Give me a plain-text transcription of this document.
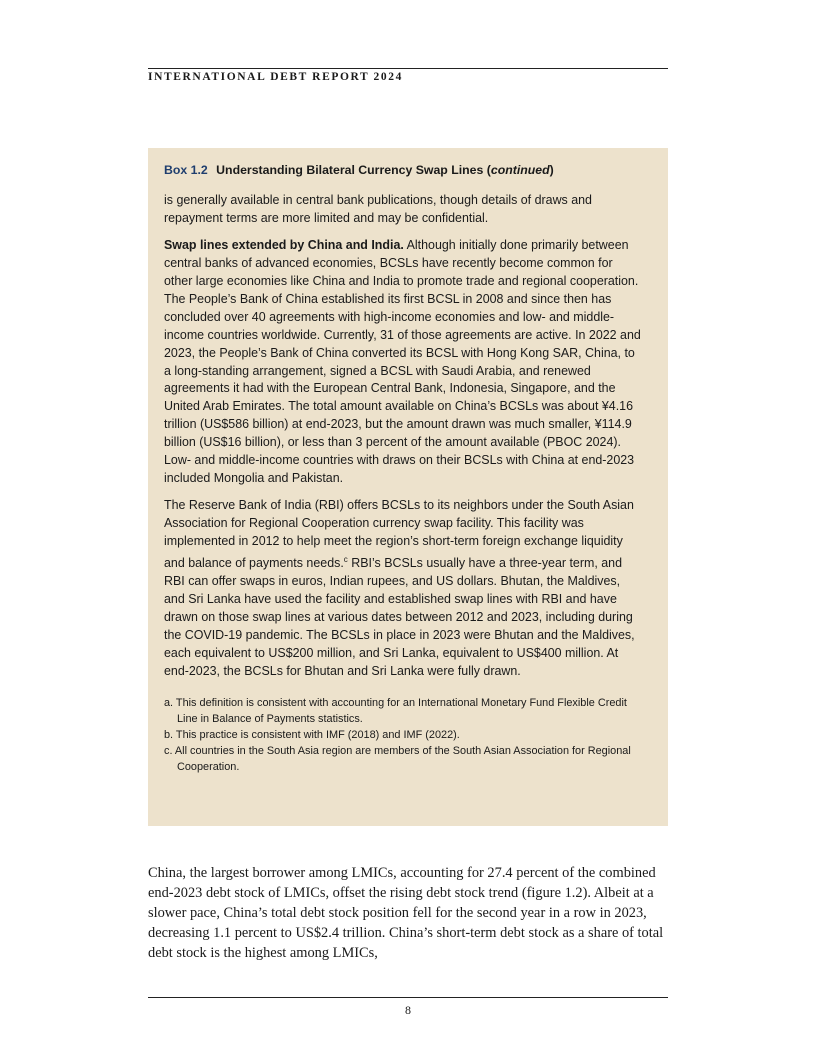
INTERNATIONAL DEBT REPORT 2024
Box 1.2 Understanding Bilateral Currency Swap Lines (continued)

is generally available in central bank publications, though details of draws and repayment terms are more limited and may be confidential.

Swap lines extended by China and India. Although initially done primarily between central banks of advanced economies, BCSLs have recently become common for other large economies like China and India to promote trade and regional cooperation. The People’s Bank of China established its first BCSL in 2008 and since then has concluded over 40 agreements with high-income economies and low- and middle-income countries worldwide. Currently, 31 of those agreements are active. In 2022 and 2023, the People’s Bank of China converted its BCSL with Hong Kong SAR, China, to a long-standing arrangement, signed a BCSL with Saudi Arabia, and renewed agreements it had with the European Central Bank, Indonesia, Singapore, and the United Arab Emirates. The total amount available on China’s BCSLs was about ¥4.16 trillion (US$586 billion) at end-2023, but the amount drawn was much smaller, ¥114.9 billion (US$16 billion), or less than 3 percent of the amount available (PBOC 2024). Low- and middle-income countries with draws on their BCSLs with China at end-2023 included Mongolia and Pakistan.

The Reserve Bank of India (RBI) offers BCSLs to its neighbors under the South Asian Association for Regional Cooperation currency swap facility. This facility was implemented in 2012 to help meet the region’s short-term foreign exchange liquidity and balance of payments needs.$^c$ RBI’s BCSLs usually have a three-year term, and RBI can offer swaps in euros, Indian rupees, and US dollars. Bhutan, the Maldives, and Sri Lanka have used the facility and established swap lines with RBI and have drawn on those swap lines at various dates between 2012 and 2023, including during the COVID-19 pandemic. The BCSLs in place in 2023 were Bhutan and the Maldives, each equivalent to US$200 million, and Sri Lanka, equivalent to US$400 million. At end-2023, the BCSLs for Bhutan and Sri Lanka were fully drawn.

a. This definition is consistent with accounting for an International Monetary Fund Flexible Credit Line in Balance of Payments statistics.
b. This practice is consistent with IMF (2018) and IMF (2022).
c. All countries in the South Asia region are members of the South Asian Association for Regional Cooperation.

China, the largest borrower among LMICs, accounting for 27.4 percent of the combined end-2023 debt stock of LMICs, offset the rising debt stock trend (figure 1.2). Albeit at a slower pace, China’s total debt stock position fell for the second year in a row in 2023, decreasing 1.1 percent to US$2.4 trillion. China’s short-term debt stock as a share of total debt stock is the highest among LMICs,

8
